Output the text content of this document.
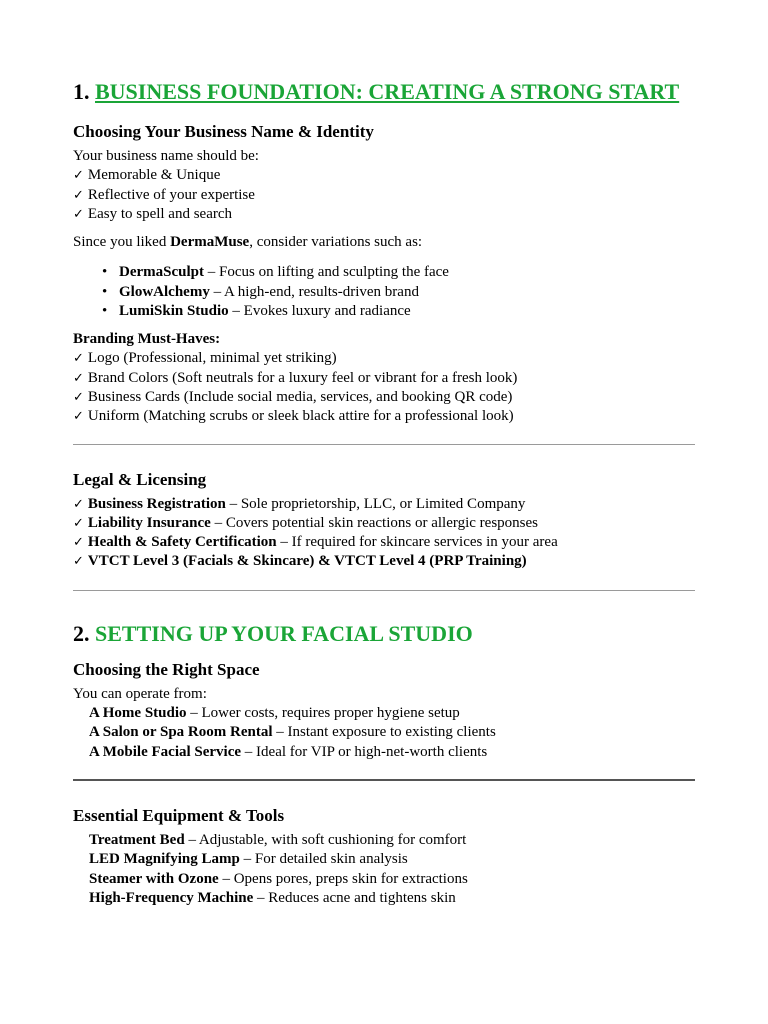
1. BUSINESS FOUNDATION: CREATING A STRONG START
Choosing Your Business Name & Identity

Your business name should be:

✓ Memorable & Unique
✓ Reflective of your expertise
✓ Easy to spell and search

Since you liked DermaMuse, consider variations such as:

• DermaSculpt – Focus on lifting and sculpting the face
• GlowAlchemy – A high-end, results-driven brand
• LumiSkin Studio – Evokes luxury and radiance

Branding Must-Haves:

✓ Logo (Professional, minimal yet striking)
✓ Brand Colors (Soft neutrals for a luxury feel or vibrant for a fresh look)
✓ Business Cards (Include social media, services, and booking QR code)
✓ Uniform (Matching scrubs or sleek black attire for a professional look)
Legal & Licensing
✓ Business Registration – Sole proprietorship, LLC, or Limited Company
✓ Liability Insurance – Covers potential skin reactions or allergic responses
✓ Health & Safety Certification – If required for skincare services in your area
✓ VTCT Level 3 (Facials & Skincare) & VTCT Level 4 (PRP Training)
2. SETTING UP YOUR FACIAL STUDIO
Choosing the Right Space

You can operate from:

A Home Studio – Lower costs, requires proper hygiene setup
A Salon or Spa Room Rental – Instant exposure to existing clients
A Mobile Facial Service – Ideal for VIP or high-net-worth clients
Essential Equipment & Tools
Treatment Bed – Adjustable, with soft cushioning for comfort
LED Magnifying Lamp – For detailed skin analysis
Steamer with Ozone – Opens pores, preps skin for extractions
High-Frequency Machine – Reduces acne and tightens skin
